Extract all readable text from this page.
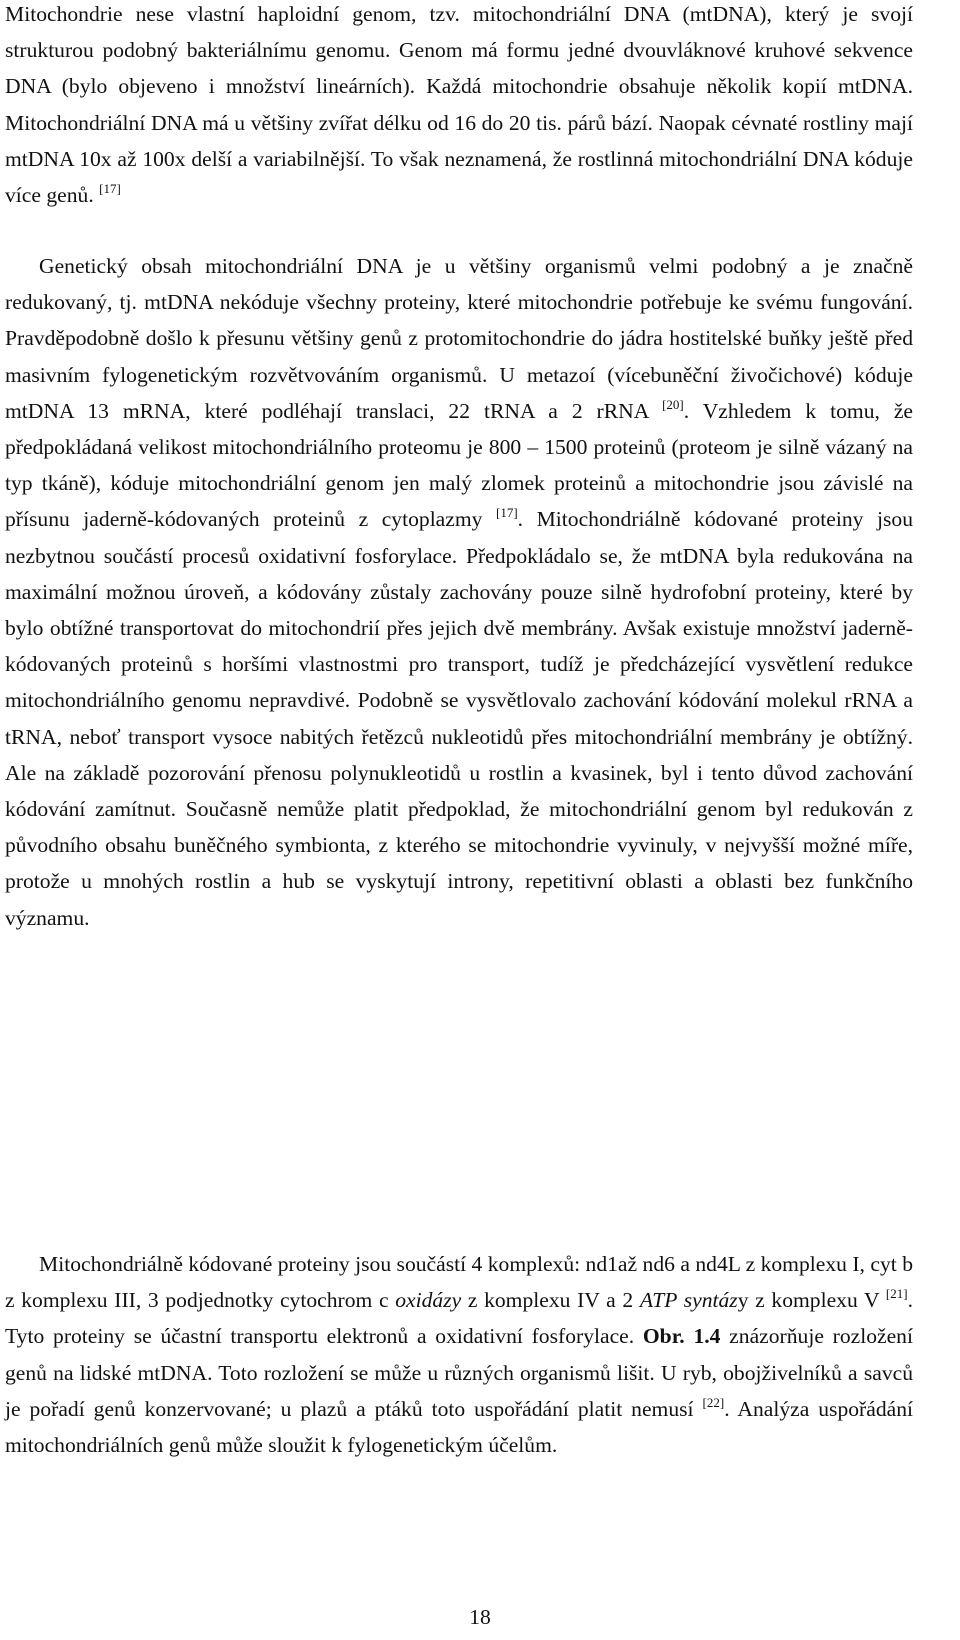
Mitochondrie nese vlastní haploidní genom, tzv. mitochondriální DNA (mtDNA), který je svojí strukturou podobný bakteriálnímu genomu. Genom má formu jedné dvouvláknové kruhové sekvence DNA (bylo objeveno i množství lineárních). Každá mitochondrie obsahuje několik kopií mtDNA. Mitochondriální DNA má u většiny zvířat délku od 16 do 20 tis. párů bází. Naopak cévnaté rostliny mají mtDNA 10x až 100x delší a variabilnější. To však neznamená, že rostlinná mitochondriální DNA kóduje více genů. [17]

Genetický obsah mitochondriální DNA je u většiny organismů velmi podobný a je značně redukovaný, tj. mtDNA nekóduje všechny proteiny, které mitochondrie potřebuje ke svému fungování. Pravděpodobně došlo k přesunu většiny genů z protomitochondrie do jádra hostitelské buňky ještě před masivním fylogenetickým rozvětvováním organismů. U metazoí (vícebuněční živočichové) kóduje mtDNA 13 mRNA, které podléhají translaci, 22 tRNA a 2 rRNA [20]. Vzhledem k tomu, že předpokládaná velikost mitochondriálního proteomu je 800 – 1500 proteinů (proteom je silně vázaný na typ tkáně), kóduje mitochondriální genom jen malý zlomek proteinů a mitochondrie jsou závislé na přísunu jaderně-kódovaných proteinů z cytoplazmy [17]. Mitochondriálně kódované proteiny jsou nezbytnou součástí procesů oxidativní fosforylace. Předpokládalo se, že mtDNA byla redukována na maximální možnou úroveň, a kódovány zůstaly zachovány pouze silně hydrofobní proteiny, které by bylo obtížné transportovat do mitochondrií přes jejich dvě membrány. Avšak existuje množství jaderně-kódovaných proteinů s horšími vlastnostmi pro transport, tudíž je předcházející vysvětlení redukce mitochondriálního genomu nepravdivé. Podobně se vysvětlovalo zachování kódování molekul rRNA a tRNA, neboť transport vysoce nabitých řetězců nukleotidů přes mitochondriální membrány je obtížný. Ale na základě pozorování přenosu polynukleotidů u rostlin a kvasinek, byl i tento důvod zachování kódování zamítnut. Současně nemůže platit předpoklad, že mitochondriální genom byl redukován z původního obsahu buněčného symbionta, z kterého se mitochondrie vyvinuly, v nejvyšší možné míře, protože u mnohých rostlin a hub se vyskytují introny, repetitivní oblasti a oblasti bez funkčního významu.

Mitochondriálně kódované proteiny jsou součástí 4 komplexů: nd1až nd6 a nd4L z komplexu I, cyt b z komplexu III, 3 podjednotky cytochrom c oxidázy z komplexu IV a 2 ATP syntázy z komplexu V [21]. Tyto proteiny se účastní transportu elektronů a oxidativní fosforylace. Obr. 1.4 znázorňuje rozložení genů na lidské mtDNA. Toto rozložení se může u různých organismů lišit. U ryb, obojživelníků a savců je pořadí genů konzervované; u plazů a ptáků toto uspořádání platit nemusí [22]. Analýza uspořádání mitochondriálních genů může sloužit k fylogenetickým účelům.

18
